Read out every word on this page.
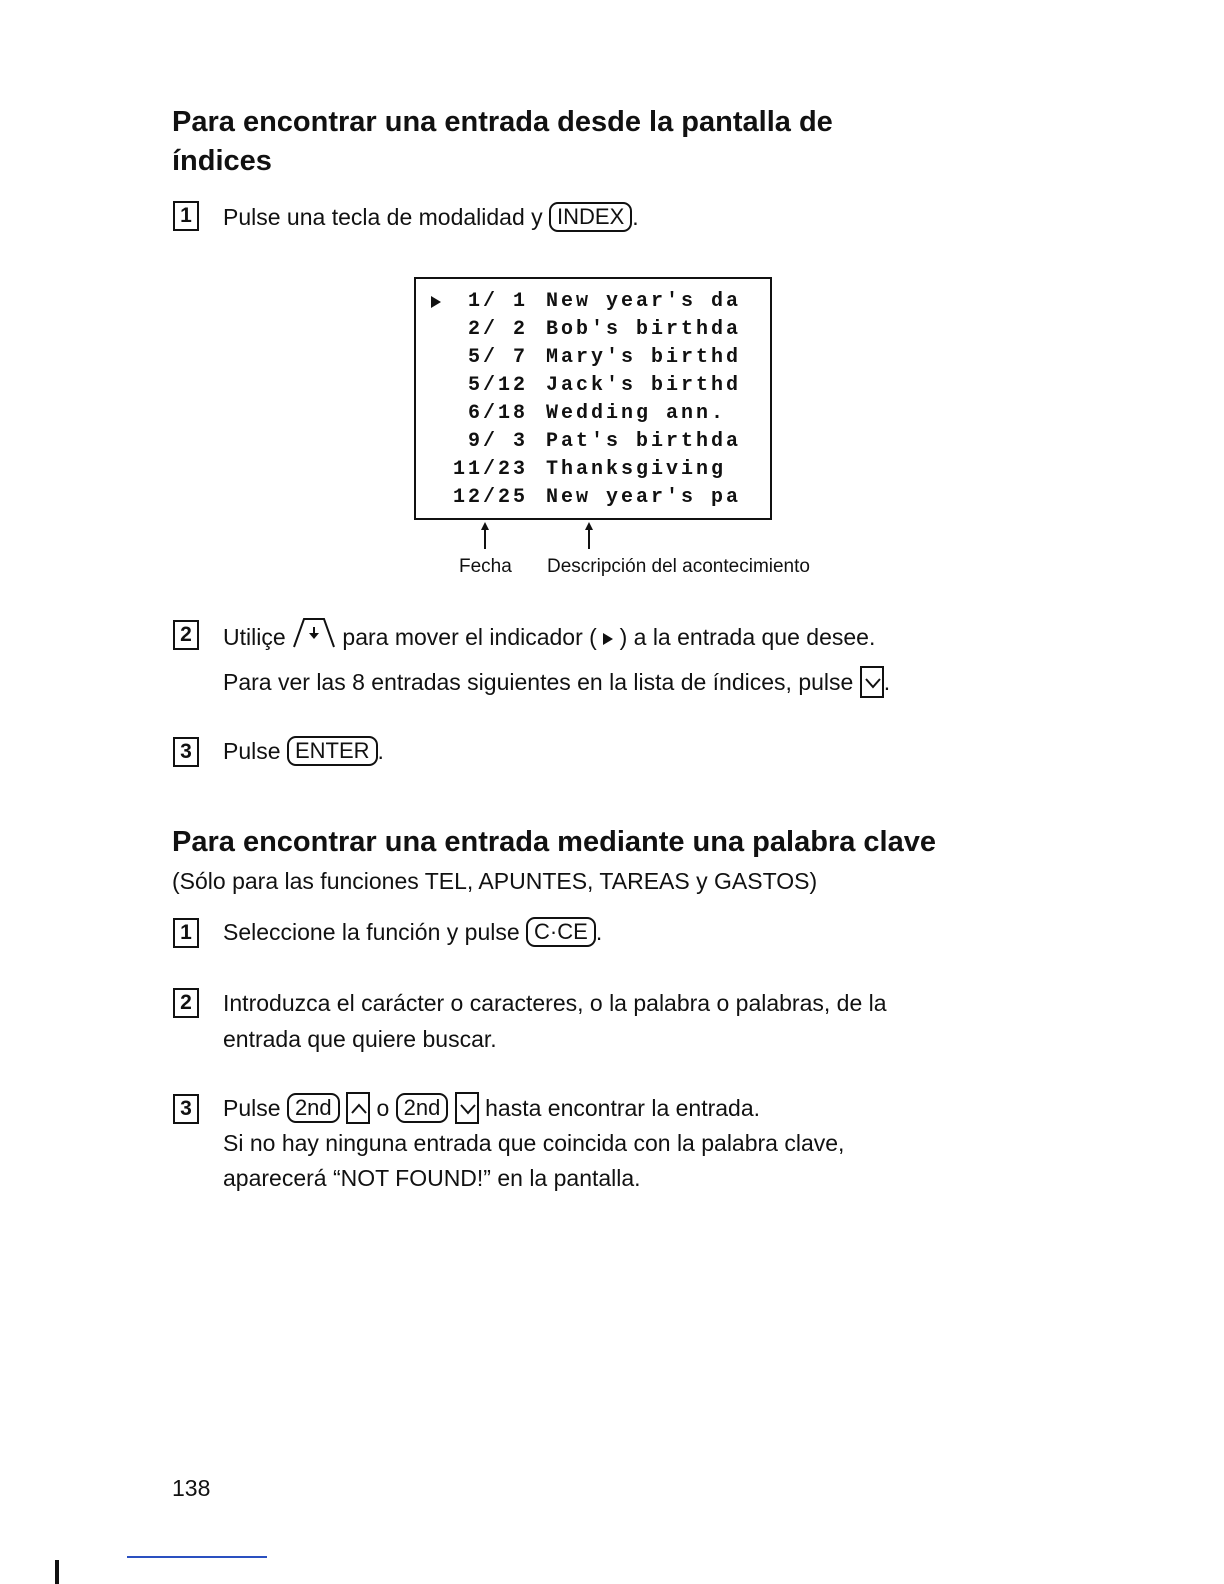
Para encontrar una entrada desde la pantalla de
índices
1	Pulse una tecla de modalidad y INDEX .
1/ 1 New year's da
2/ 2 Bob's birthda
5/ 7 Mary's birthd
5/12 Jack's birthd
6/18 Wedding ann.
9/ 3 Pat's birthda
11/23 Thanksgiving
12/25 New year's pa
Fecha Descripción del acontecimiento
2	Utiliçe para mover el indicador ( ) a la entrada que desee.
Para ver las 8 entradas siguientes en la lista de índices, pulse .
3	Pulse ENTER .
Para encontrar una entrada mediante una palabra clave
(Sólo para las funciones TEL, APUNTES, TAREAS y GASTOS)
1	Seleccione la función y pulse C·CE .
2	Introduzca el carácter o caracteres, o la palabra o palabras, de la
entrada que quiere buscar.
3	Pulse 2nd o 2nd hasta encontrar la entrada.
Si no hay ninguna entrada que coincida con la palabra clave,
aparecerá “NOT FOUND!” en la pantalla.
138
